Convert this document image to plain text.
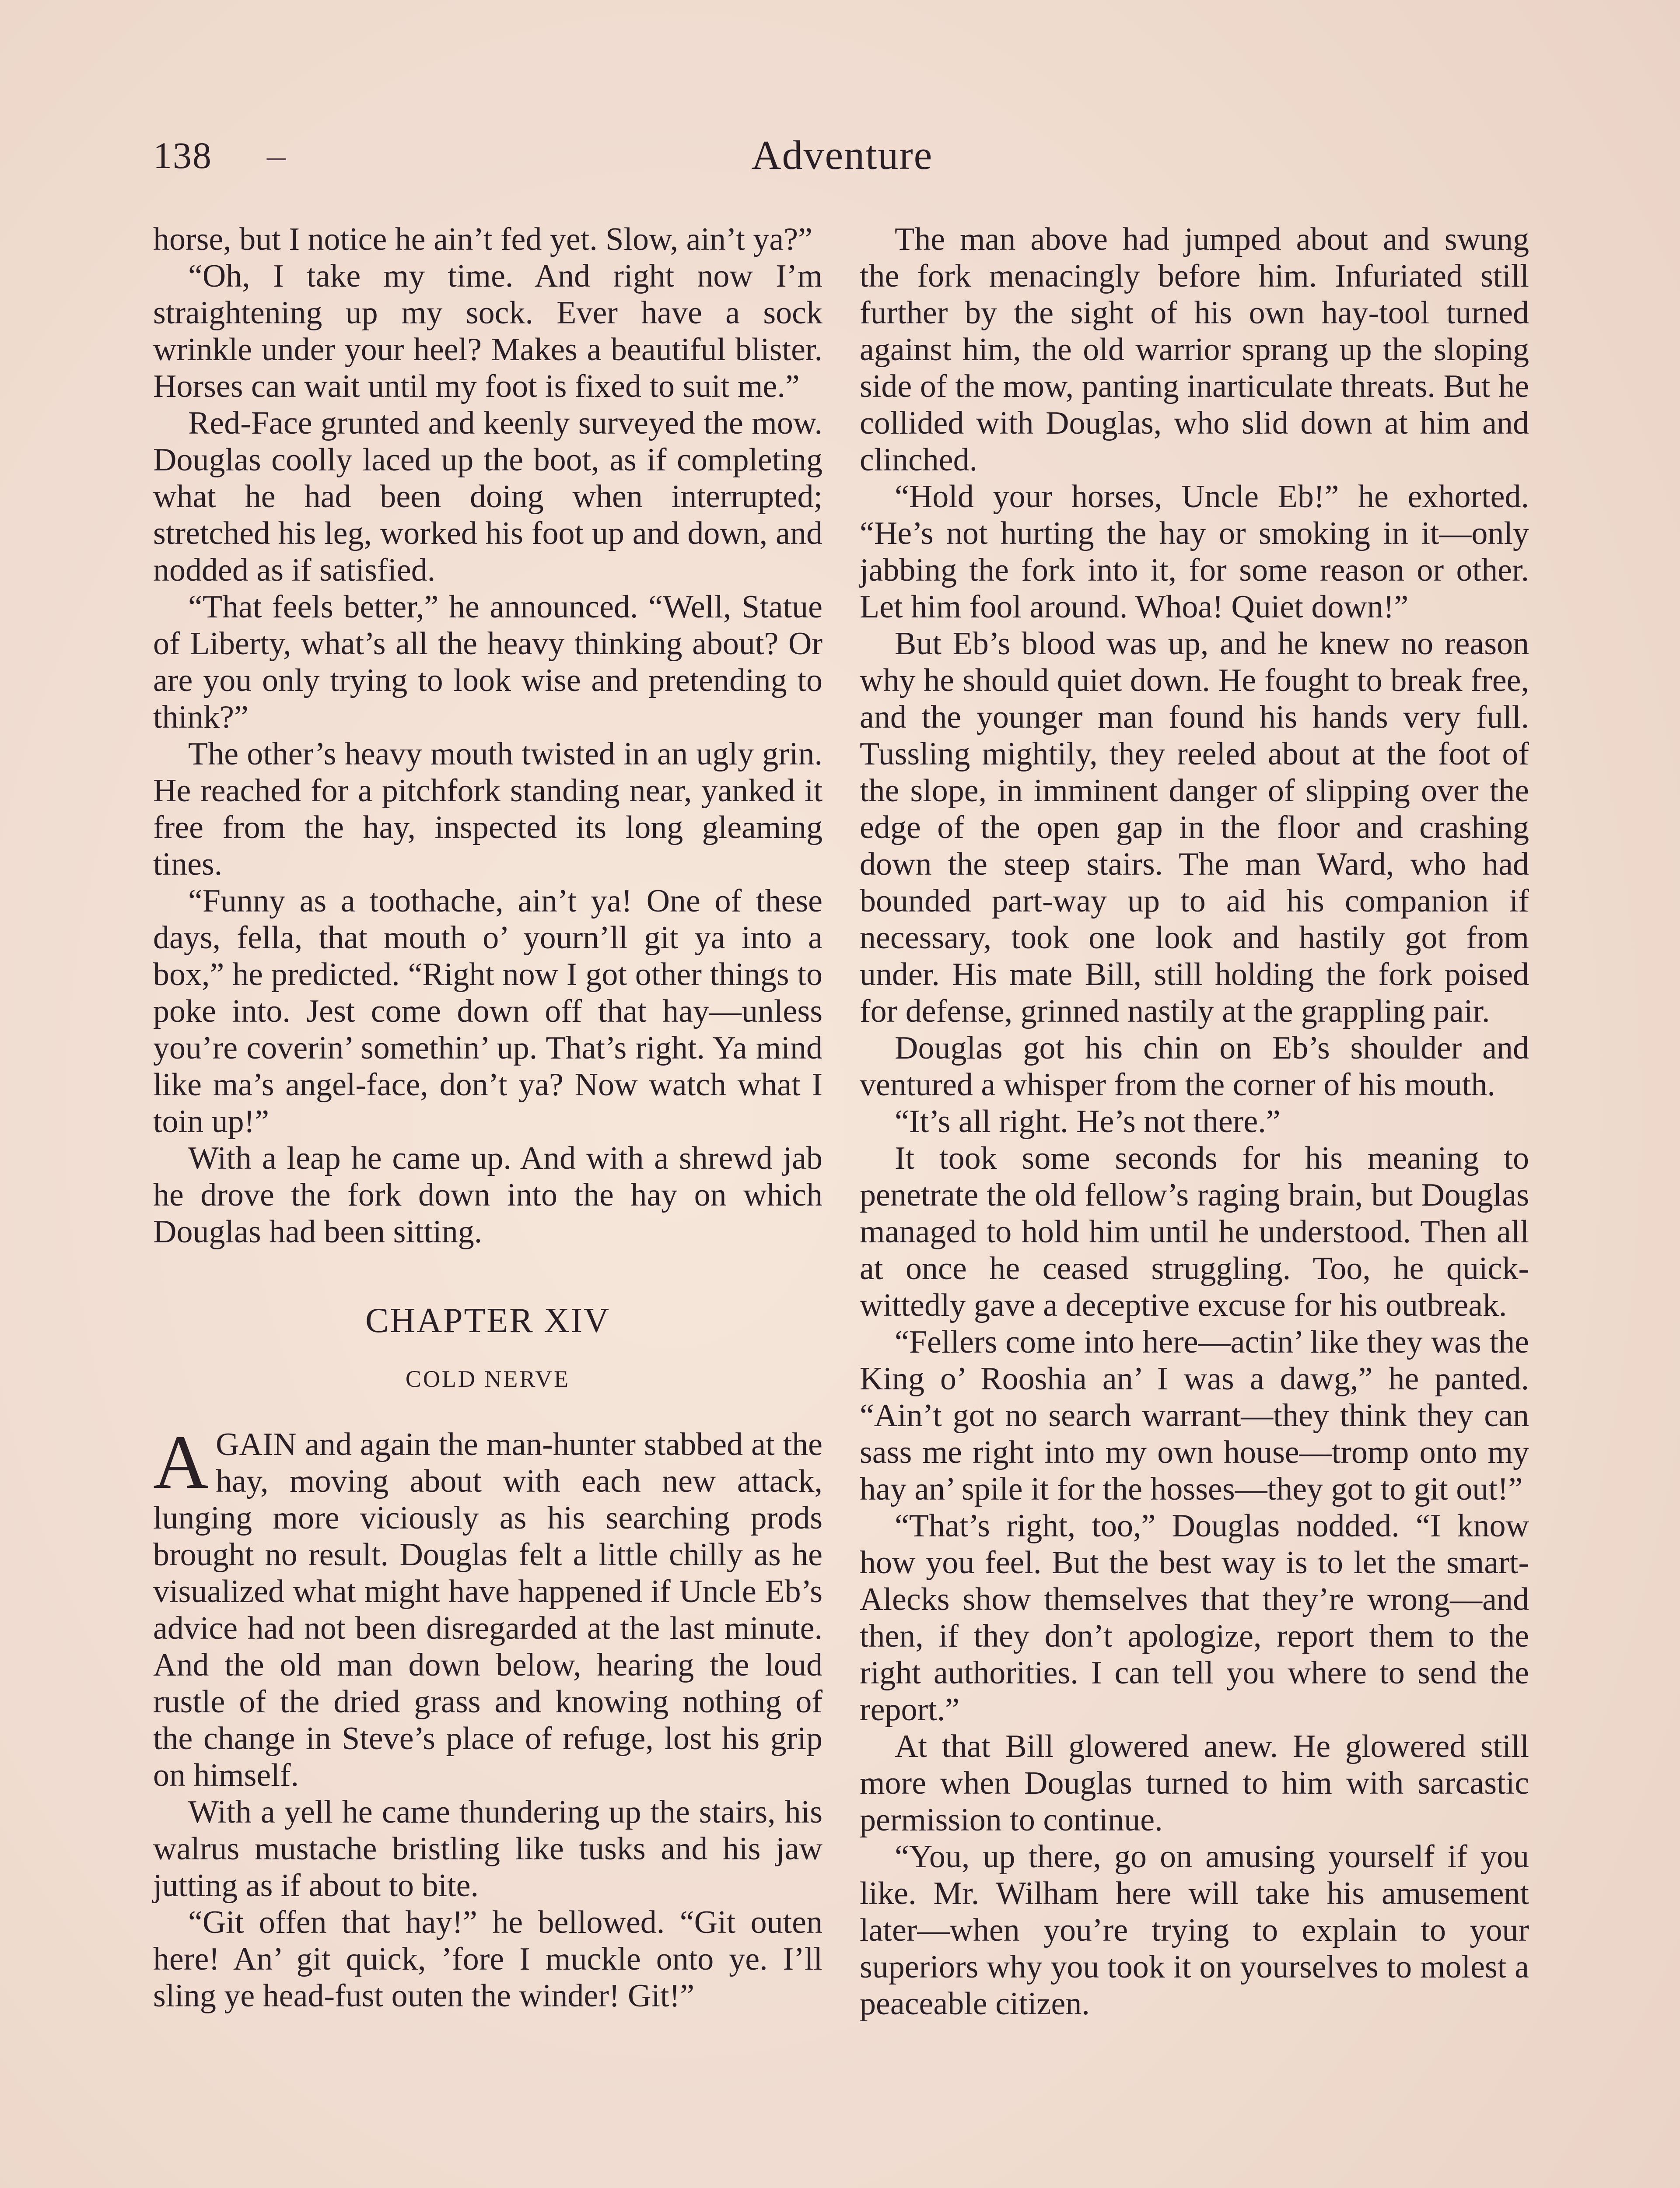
138 –	Adventure

horse, but I notice he ain’t fed yet. Slow, ain’t ya?”

“Oh, I take my time. And right now I’m straightening up my sock. Ever have a sock wrinkle under your heel? Makes a beautiful blister. Horses can wait until my foot is fixed to suit me.”

Red-Face grunted and keenly surveyed the mow. Douglas coolly laced up the boot, as if completing what he had been doing when interrupted; stretched his leg, worked his foot up and down, and nodded as if satisfied.

“That feels better,” he announced. “Well, Statue of Liberty, what’s all the heavy thinking about? Or are you only trying to look wise and pretending to think?”

The other’s heavy mouth twisted in an ugly grin. He reached for a pitchfork standing near, yanked it free from the hay, inspected its long gleaming tines.

“Funny as a toothache, ain’t ya! One of these days, fella, that mouth o’ yourn’ll git ya into a box,” he predicted. “Right now I got other things to poke into. Jest come down off that hay—unless you’re coverin’ somethin’ up. That’s right. Ya mind like ma’s angel-face, don’t ya? Now watch what I toin up!”

With a leap he came up. And with a shrewd jab he drove the fork down into the hay on which Douglas had been sitting.

CHAPTER XIV
COLD NERVE

AGAIN and again the man-hunter stabbed at the hay, moving about with each new attack, lunging more viciously as his searching prods brought no result. Douglas felt a little chilly as he visualized what might have happened if Uncle Eb’s advice had not been disregarded at the last minute. And the old man down below, hearing the loud rustle of the dried grass and knowing nothing of the change in Steve’s place of refuge, lost his grip on himself.

With a yell he came thundering up the stairs, his walrus mustache bristling like tusks and his jaw jutting as if about to bite.

“Git offen that hay!” he bellowed. “Git outen here! An’ git quick, ’fore I muckle onto ye. I’ll sling ye head-fust outen the winder! Git!”

The man above had jumped about and swung the fork menacingly before him. Infuriated still further by the sight of his own hay-tool turned against him, the old warrior sprang up the sloping side of the mow, panting inarticulate threats. But he collided with Douglas, who slid down at him and clinched.

“Hold your horses, Uncle Eb!” he exhorted. “He’s not hurting the hay or smoking in it—only jabbing the fork into it, for some reason or other. Let him fool around. Whoa! Quiet down!”

But Eb’s blood was up, and he knew no reason why he should quiet down. He fought to break free, and the younger man found his hands very full. Tussling mightily, they reeled about at the foot of the slope, in imminent danger of slipping over the edge of the open gap in the floor and crashing down the steep stairs. The man Ward, who had bounded part-way up to aid his companion if necessary, took one look and hastily got from under. His mate Bill, still holding the fork poised for defense, grinned nastily at the grappling pair.

Douglas got his chin on Eb’s shoulder and ventured a whisper from the corner of his mouth.

“It’s all right. He’s not there.”

It took some seconds for his meaning to penetrate the old fellow’s raging brain, but Douglas managed to hold him until he understood. Then all at once he ceased struggling. Too, he quick-wittedly gave a deceptive excuse for his outbreak.

“Fellers come into here—actin’ like they was the King o’ Rooshia an’ I was a dawg,” he panted. “Ain’t got no search warrant—they think they can sass me right into my own house—tromp onto my hay an’ spile it for the hosses—they got to git out!”

“That’s right, too,” Douglas nodded. “I know how you feel. But the best way is to let the smart-Alecks show themselves that they’re wrong—and then, if they don’t apologize, report them to the right authorities. I can tell you where to send the report.”

At that Bill glowered anew. He glowered still more when Douglas turned to him with sarcastic permission to continue.

“You, up there, go on amusing yourself if you like. Mr. Wilham here will take his amusement later—when you’re trying to explain to your superiors why you took it on yourselves to molest a peaceable citizen.
